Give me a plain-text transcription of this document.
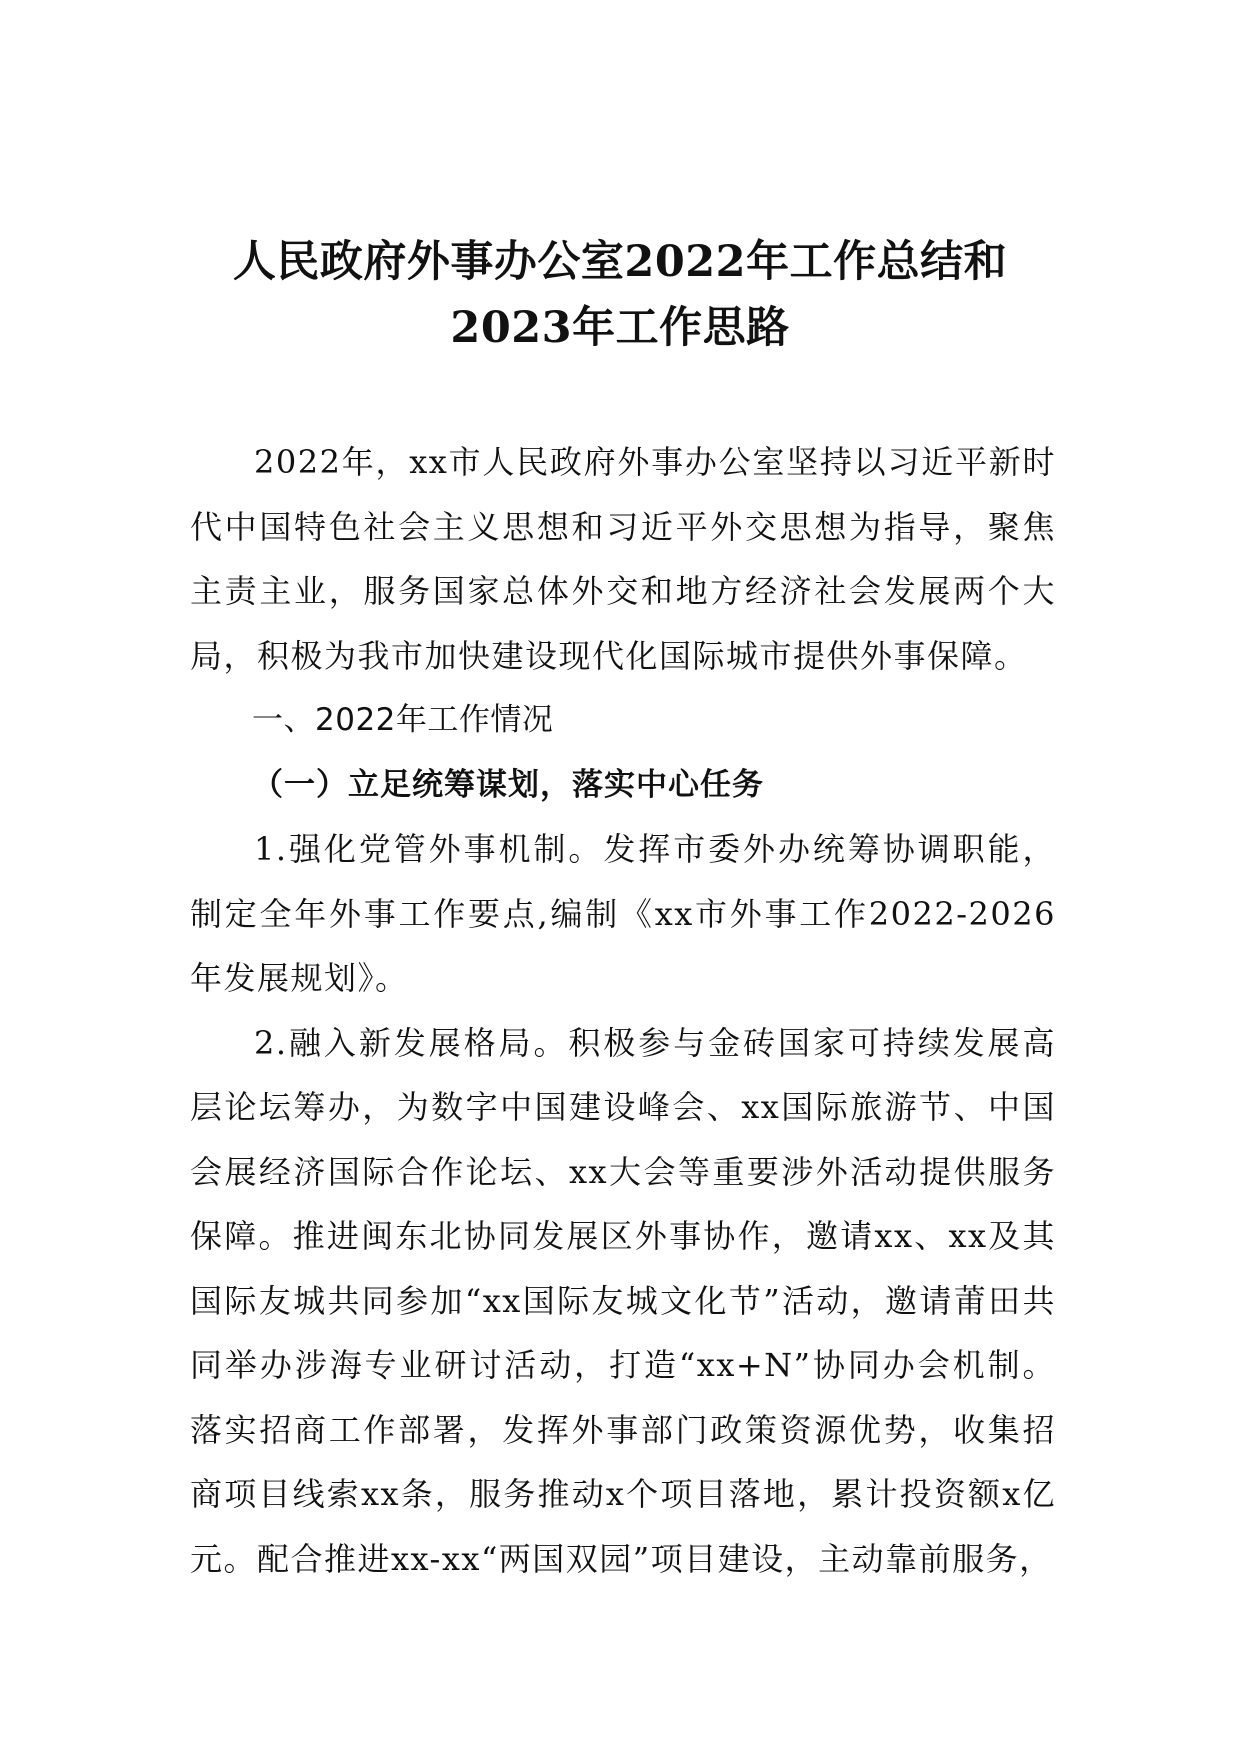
人民政府外事办公室2022年工作总结和
2023年工作思路

2022年，xx市人民政府外事办公室坚持以习近平新时代中国特色社会主义思想和习近平外交思想为指导，聚焦主责主业，服务国家总体外交和地方经济社会发展两个大局，积极为我市加快建设现代化国际城市提供外事保障。

一、2022年工作情况

（一）立足统筹谋划，落实中心任务

1.强化党管外事机制。发挥市委外办统筹协调职能，制定全年外事工作要点,编制《xx市外事工作2022-2026年发展规划》。

2.融入新发展格局。积极参与金砖国家可持续发展高层论坛筹办，为数字中国建设峰会、xx国际旅游节、中国会展经济国际合作论坛、xx大会等重要涉外活动提供服务保障。推进闽东北协同发展区外事协作，邀请xx、xx及其国际友城共同参加“xx国际友城文化节”活动，邀请莆田共同举办涉海专业研讨活动，打造“xx+N”协同办会机制。落实招商工作部署，发挥外事部门政策资源优势，收集招商项目线索xx条，服务推动x个项目落地，累计投资额x亿元。配合推进xx-xx“两国双园”项目建设，主动靠前服务，
